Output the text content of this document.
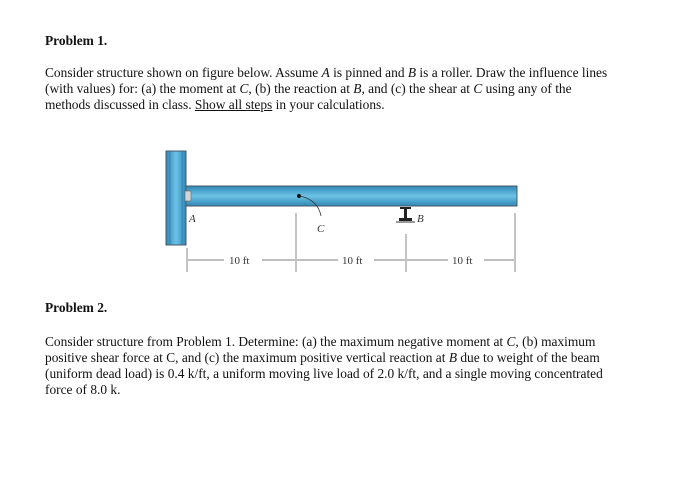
Problem 1.
Consider structure shown on figure below. Assume A is pinned and B is a roller. Draw the influence lines
(with values) for: (a) the moment at C, (b) the reaction at B, and (c) the shear at C using any of the
methods discussed in class. Show all steps in your calculations.
A	B
C
10 ft	10 ft	10 ft
Problem 2.
Consider structure from Problem 1. Determine: (a) the maximum negative moment at C, (b) maximum
positive shear force at C, and (c) the maximum positive vertical reaction at B due to weight of the beam
(uniform dead load) is 0.4 k/ft, a uniform moving live load of 2.0 k/ft, and a single moving concentrated
force of 8.0 k.
